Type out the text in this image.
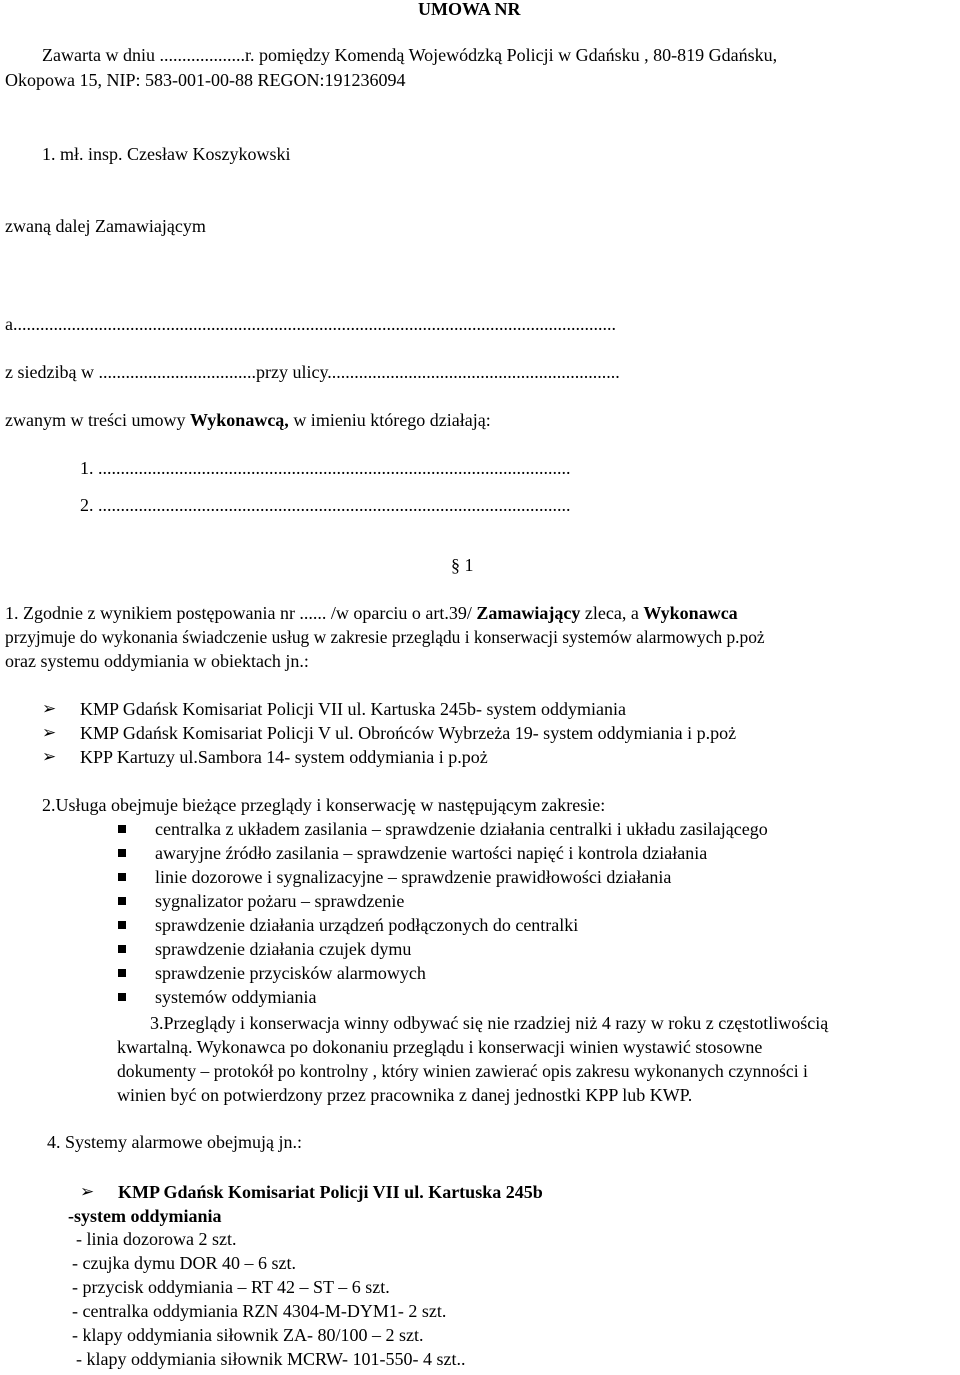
UMOWA NR
Zawarta w dniu ...................r. pomiędzy Komendą Wojewódzką Policji w Gdańsku , 80-819 Gdańsku,
Okopowa 15, NIP: 583-001-00-88 REGON:191236094
1. mł. insp. Czesław Koszykowski
zwaną dalej Zamawiającym
a......................................................................................................................................
z siedzibą w ...................................przy ulicy.................................................................
zwanym w treści umowy Wykonawcą, w imieniu którego działają:
1. .........................................................................................................
2. .........................................................................................................
§ 1
1. Zgodnie z wynikiem postępowania nr ...... /w oparciu o art.39/ Zamawiający zleca, a Wykonawca
przyjmuje do wykonania świadczenie usług w zakresie przeglądu i konserwacji systemów alarmowych p.poż
oraz systemu oddymiania w obiektach jn.:
➢ KMP Gdańsk Komisariat Policji VII ul. Kartuska 245b- system oddymiania
➢ KMP Gdańsk Komisariat Policji V ul. Obrońców Wybrzeża 19- system oddymiania i p.poż
➢ KPP Kartuzy ul.Sambora 14- system oddymiania i p.poż
2.Usługa obejmuje bieżące przeglądy i konserwację w następującym zakresie:
centralka z układem zasilania – sprawdzenie działania centralki i układu zasilającego
awaryjne źródło zasilania – sprawdzenie wartości napięć i kontrola działania
linie dozorowe i sygnalizacyjne – sprawdzenie prawidłowości działania
sygnalizator pożaru – sprawdzenie
sprawdzenie działania urządzeń podłączonych do centralki
sprawdzenie działania czujek dymu
sprawdzenie przycisków alarmowych
systemów oddymiania
3.Przeglądy i konserwacja winny odbywać się nie rzadziej niż 4 razy w roku z częstotliwością
kwartalną. Wykonawca po dokonaniu przeglądu i konserwacji winien wystawić stosowne
dokumenty – protokół po kontrolny , który winien zawierać opis zakresu wykonanych czynności i
winien być on potwierdzony przez pracownika z danej jednostki KPP lub KWP.
4. Systemy alarmowe obejmują jn.:
➢ KMP Gdańsk Komisariat Policji VII ul. Kartuska 245b
-system oddymiania
- linia dozorowa 2 szt.
- czujka dymu DOR 40 – 6 szt.
- przycisk oddymiania – RT 42 – ST – 6 szt.
- centralka oddymiania RZN 4304-M-DYM1- 2 szt.
- klapy oddymiania siłownik ZA- 80/100 – 2 szt.
- klapy oddymiania siłownik MCRW- 101-550- 4 szt..
